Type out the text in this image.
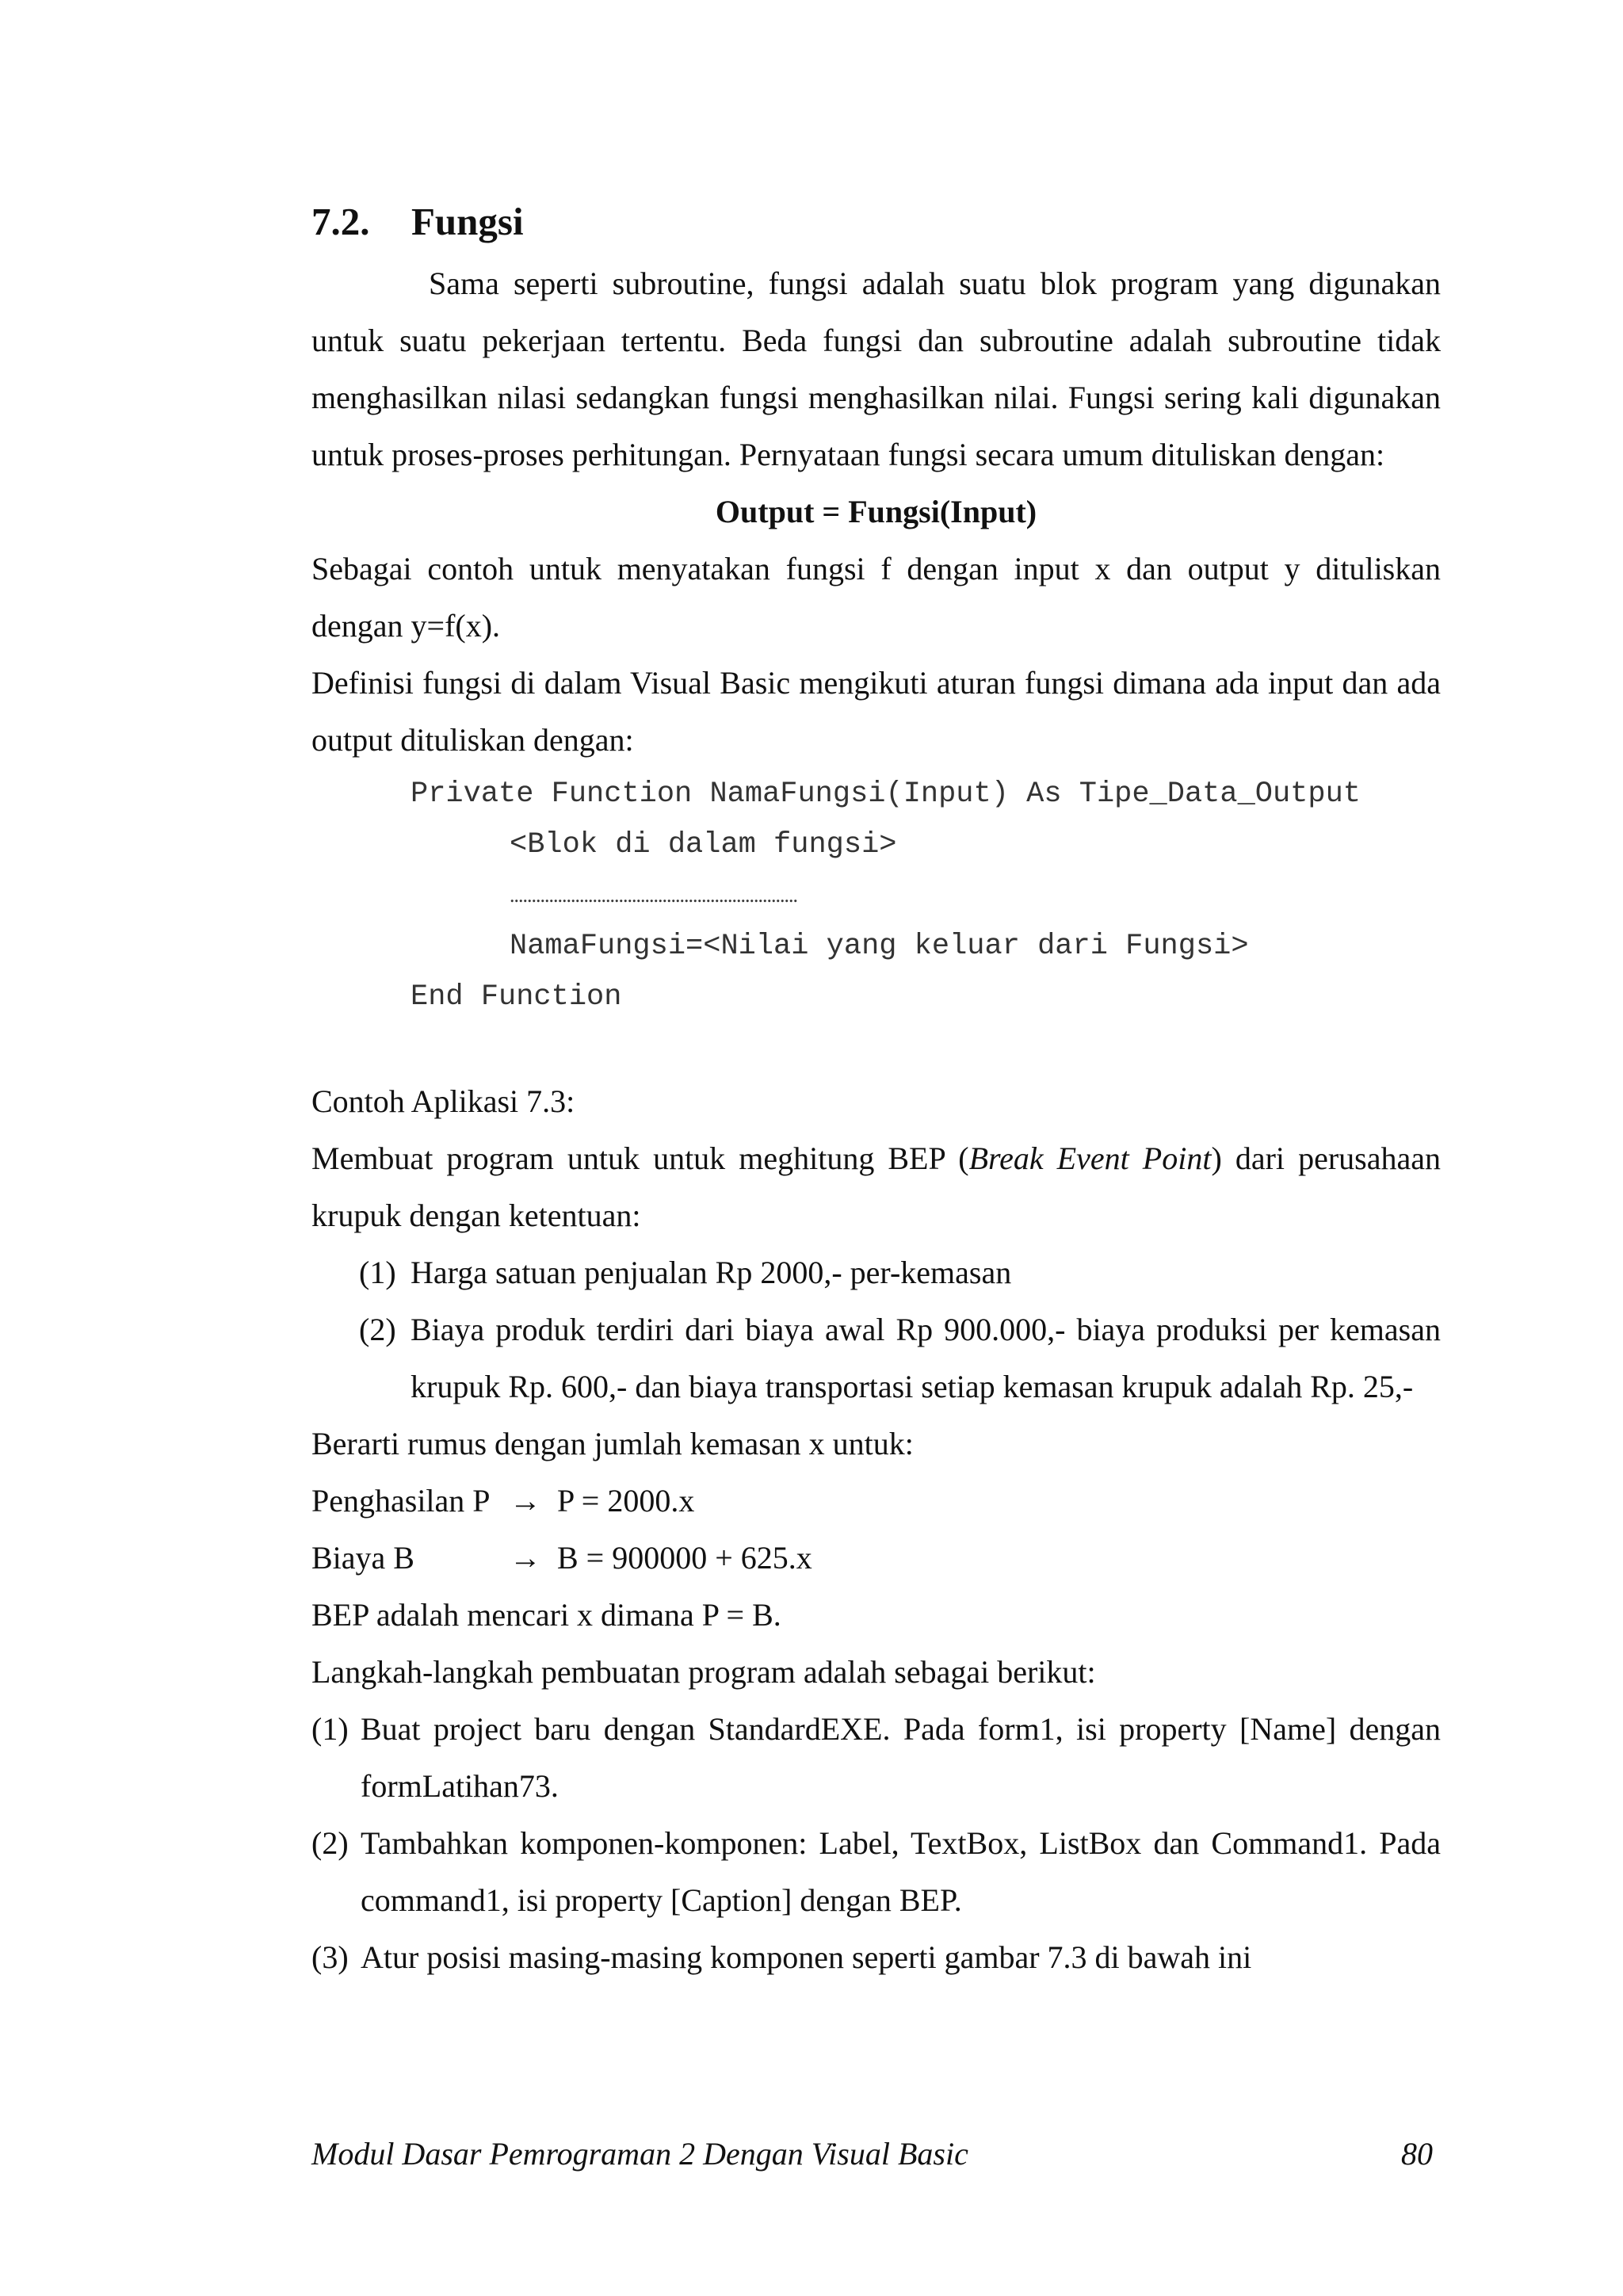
7.2. Fungsi

Sama seperti subroutine, fungsi adalah suatu blok program yang digunakan untuk suatu pekerjaan tertentu. Beda fungsi dan subroutine adalah subroutine tidak menghasilkan nilasi sedangkan fungsi menghasilkan nilai. Fungsi sering kali digunakan untuk proses-proses perhitungan. Pernyataan fungsi secara umum dituliskan dengan:

Output = Fungsi(Input)

Sebagai contoh untuk menyatakan fungsi f dengan input x dan output y dituliskan dengan y=f(x).

Definisi fungsi di dalam Visual Basic mengikuti aturan fungsi dimana ada input dan ada output dituliskan dengan:

Private Function NamaFungsi(Input) As Tipe_Data_Output
<Blok di dalam fungsi>
..................................................................
NamaFungsi=<Nilai yang keluar dari Fungsi>
End Function

Contoh Aplikasi 7.3:

Membuat program untuk untuk meghitung BEP (Break Event Point) dari perusahaan krupuk dengan ketentuan:

(1) Harga satuan penjualan Rp 2000,- per-kemasan

(2) Biaya produk terdiri dari biaya awal Rp 900.000,- biaya produksi per kemasan krupuk Rp. 600,- dan biaya transportasi setiap kemasan krupuk adalah Rp. 25,-

Berarti rumus dengan jumlah kemasan x untuk:

Penghasilan P → P = 2000.x

Biaya B	→ B = 900000 + 625.x

BEP adalah mencari x dimana P = B.

Langkah-langkah pembuatan program adalah sebagai berikut:

(1) Buat project baru dengan StandardEXE. Pada form1, isi property [Name] dengan formLatihan73.

(2) Tambahkan komponen-komponen: Label, TextBox, ListBox dan Command1. Pada command1, isi property [Caption] dengan BEP.

(3) Atur posisi masing-masing komponen seperti gambar 7.3 di bawah ini

Modul Dasar Pemrograman 2 Dengan Visual Basic	80
